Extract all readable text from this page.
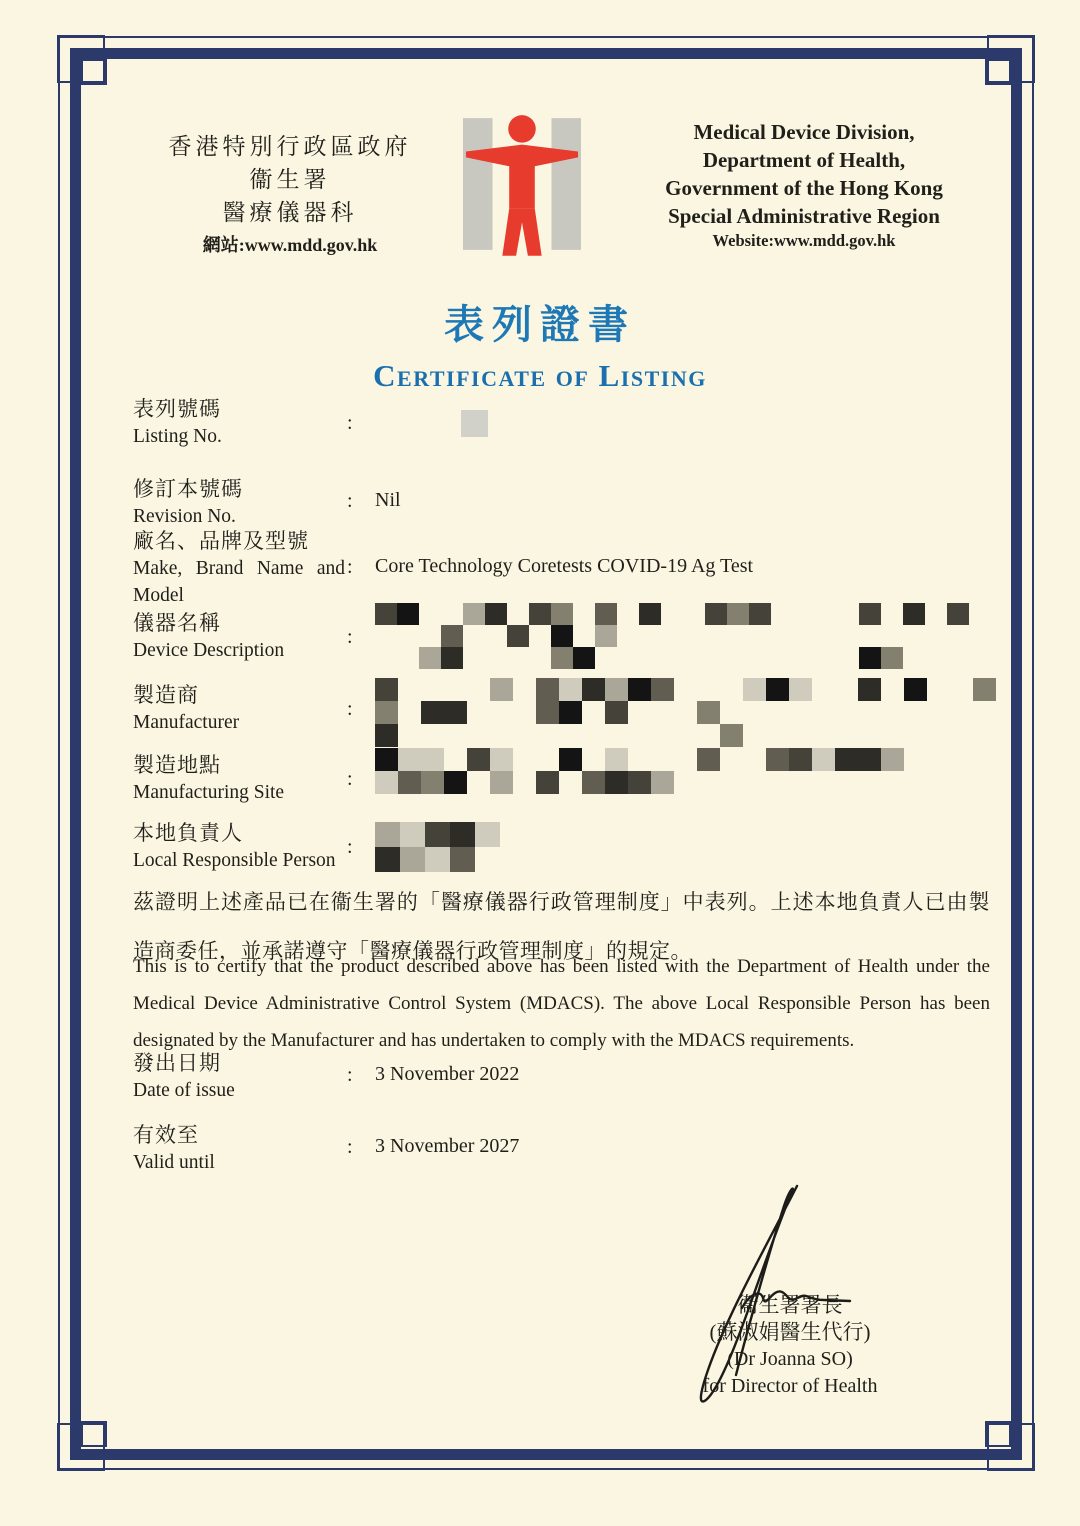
香港特別行政區政府
衞生署
醫療儀器科
網站:www.mdd.gov.hk
Medical Device Division,
Department of Health,
Government of the Hong Kong
Special Administrative Region
Website:www.mdd.gov.hk
表列證書
Certificate of Listing
表列號碼
Listing No.
:
修訂本號碼
Revision No.
: Nil
廠名、品牌及型號
Make, Brand Name and
Model
: Core Technology Coretests COVID-19 Ag Test
儀器名稱
Device Description
:
製造商
Manufacturer
:
製造地點
Manufacturing Site
:
本地負責人
Local Responsible Person
:
茲證明上述產品已在衞生署的「醫療儀器行政管理制度」中表列。上述本地負責人已由製造商委任，並承諾遵守「醫療儀器行政管理制度」的規定。
This is to certify that the product described above has been listed with the Department of Health under the Medical Device Administrative Control System (MDACS). The above Local Responsible Person has been designated by the Manufacturer and has undertaken to comply with the MDACS requirements.
發出日期
Date of issue
: 3 November 2022
有效至
Valid until
: 3 November 2027
衞生署署長
(蘇淑娟醫生代行)
(Dr Joanna SO)
for Director of Health
